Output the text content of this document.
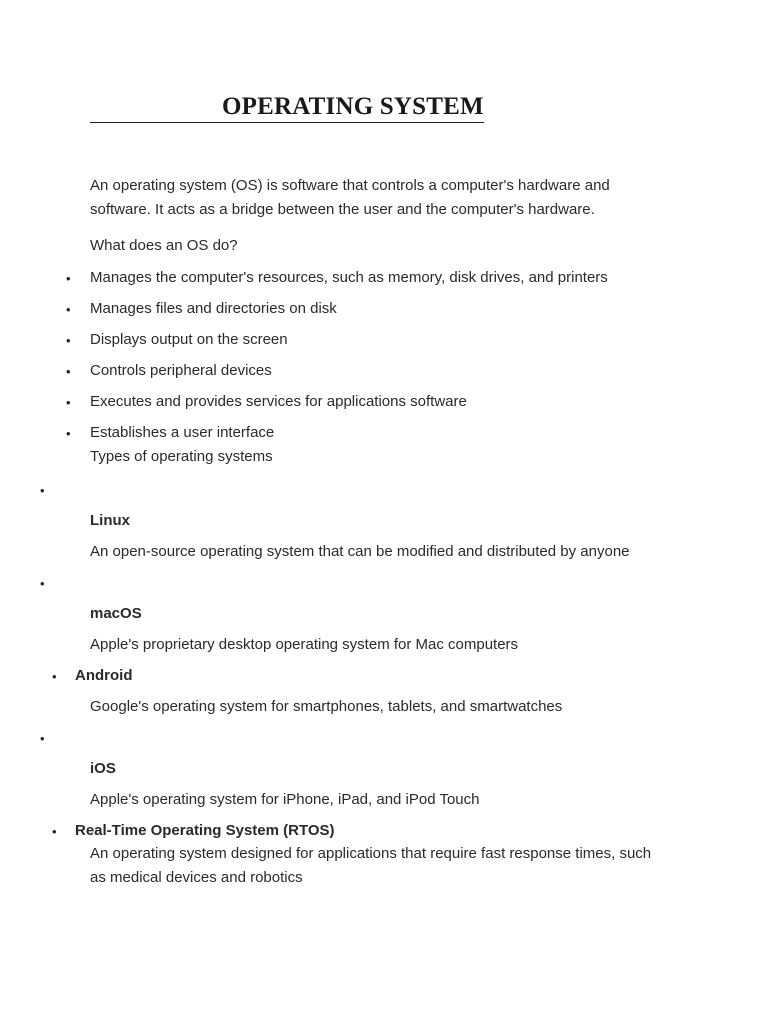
OPERATING SYSTEM
An operating system (OS) is software that controls a computer's hardware and software. It acts as a bridge between the user and the computer's hardware.
What does an OS do?
• Manages the computer's resources, such as memory, disk drives, and printers
• Manages files and directories on disk
• Displays output on the screen
• Controls peripheral devices
• Executes and provides services for applications software
• Establishes a user interface
Types of operating systems
•
Linux
An open-source operating system that can be modified and distributed by anyone
•
macOS
Apple's proprietary desktop operating system for Mac computers
• Android
Google's operating system for smartphones, tablets, and smartwatches
•
iOS
Apple's operating system for iPhone, iPad, and iPod Touch
• Real-Time Operating System (RTOS)
An operating system designed for applications that require fast response times, such as medical devices and robotics
